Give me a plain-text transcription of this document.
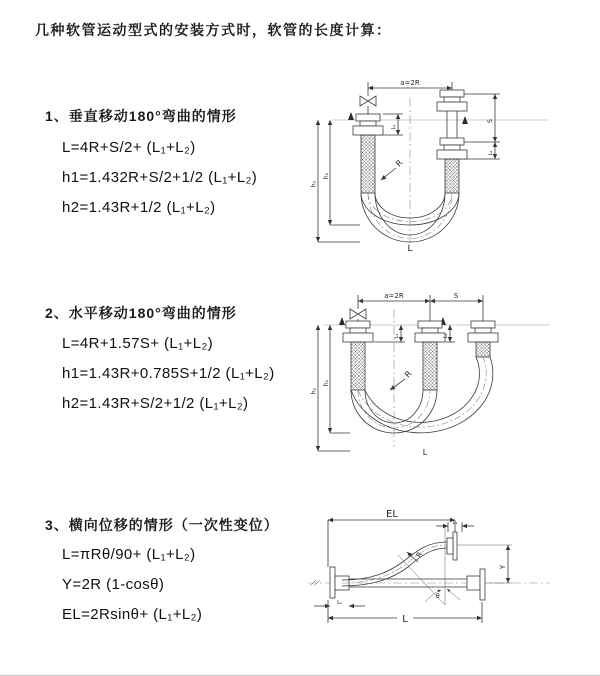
几种软管运动型式的安装方式时，软管的长度计算：
1、垂直移动180°弯曲的情形
L=4R+S/2+ (L₁+L₂)
h1=1.432R+S/2+1/2 (L₁+L₂)
h2=1.43R+1/2 (L₁+L₂)
a=2R
R
h₂
h₁
L₁
S
L₂
L
2、水平移动180°弯曲的情形
L=4R+1.57S+ (L₁+L₂)
h1=1.43R+0.785S+1/2 (L₁+L₂)
h2=1.43R+S/2+1/2 (L₁+L₂)
a=2R	S
R
h₂
h₁
L₁	L₂
L
3、横向位移的情形（一次性变位）
L=πRθ/90+ (L₁+L₂)
Y=2R (1-cosθ)
EL=2Rsinθ+ (L₁+L₂)
EL
L₁
R
Y
θ
L
L₂
